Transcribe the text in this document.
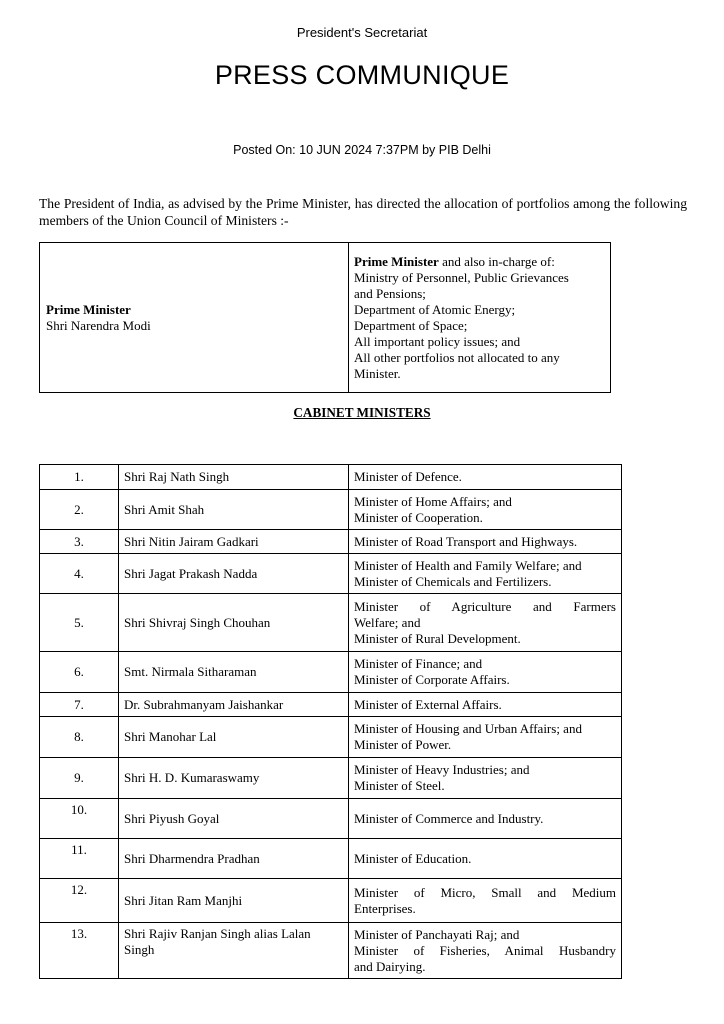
President's Secretariat
PRESS COMMUNIQUE
Posted On: 10 JUN 2024 7:37PM by PIB Delhi
The President of India, as advised by the Prime Minister, has directed the allocation of portfolios among the following members of the Union Council of Ministers :-
Prime Minister
Shri Narendra Modi

Prime Minister and also in-charge of:
Ministry of Personnel, Public Grievances
and Pensions;
Department of Atomic Energy;
Department of Space;
All important policy issues; and
All other portfolios not allocated to any
Minister.
CABINET MINISTERS
1.	Shri Raj Nath Singh	Minister of Defence.

2.	Shri Amit Shah	Minister of Home Affairs; and
Minister of Cooperation.

3.	Shri Nitin Jairam Gadkari	Minister of Road Transport and Highways.

4.	Shri Jagat Prakash Nadda	Minister of Health and Family Welfare; and
Minister of Chemicals and Fertilizers.

5.	Shri Shivraj Singh Chouhan	Minister of Agriculture and Farmers
Welfare; and
Minister of Rural Development.

6.	Smt. Nirmala Sitharaman	Minister of Finance; and
Minister of Corporate Affairs.

7.	Dr. Subrahmanyam Jaishankar	Minister of External Affairs.

8.	Shri Manohar Lal	Minister of Housing and Urban Affairs; and
Minister of Power.

9.	Shri H. D. Kumaraswamy	Minister of Heavy Industries; and
Minister of Steel.

10.	Shri Piyush Goyal	Minister of Commerce and Industry.

11.	Shri Dharmendra Pradhan	Minister of Education.

12.	Shri Jitan Ram Manjhi	Minister of Micro, Small and Medium
Enterprises.

13.	Shri Rajiv Ranjan Singh alias Lalan Singh	Minister of Panchayati Raj; and
Minister of Fisheries, Animal Husbandry
and Dairying.
